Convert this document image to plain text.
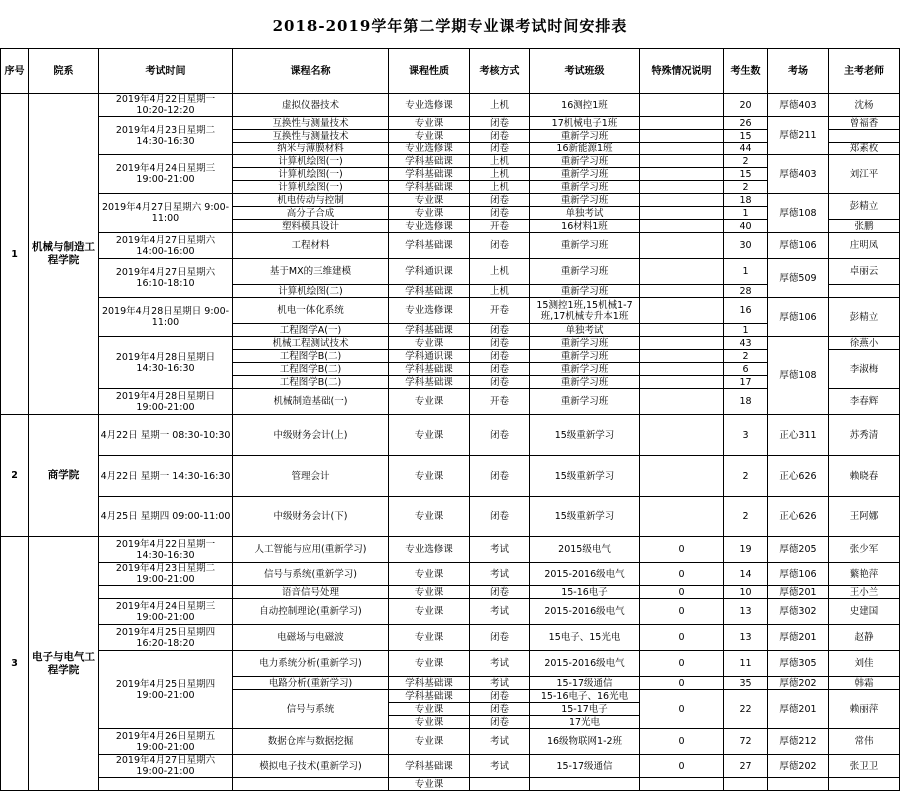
2018-2019学年第二学期专业课考试时间安排表
序号	院系	考试时间	课程名称	课程性质	考核方式	考试班级	特殊情况说明	考生数	考场	主考老师
1	机械与制造工程学院	2019年4月22日星期一 10:20-12:20	虚拟仪器技术	专业选修课	上机	16测控1班		20	厚德403	沈杨
		2019年4月23日星期二 14:30-16:30	互换性与测量技术	专业课	闭卷	17机械电子1班		26	厚德211	曾福香
			互换性与测量技术	专业课	闭卷	重新学习班		15		
			纳米与薄膜材料	专业选修课	闭卷	16新能源1班		44		郑素枚
		2019年4月24日星期三 19:00-21:00	计算机绘图(一)	学科基础课	上机	重新学习班		2	厚德403	刘江平
			计算机绘图(一)	学科基础课	上机	重新学习班		15		
			计算机绘图(一)	学科基础课	上机	重新学习班		2		
		2019年4月27日星期六 9:00-11:00	机电传动与控制	专业课	闭卷	重新学习班		18	厚德108	彭精立
			高分子合成	专业课	闭卷	单独考试		1		
			塑料模具设计	专业选修课	开卷	16材料1班		40		张鹏
		2019年4月27日星期六 14:00-16:00	工程材料	学科基础课	闭卷	重新学习班		30	厚德106	庄明凤
		2019年4月27日星期六 16:10-18:10	基于MX的三维建模	学科通识课	上机	重新学习班		1	厚德509	卓丽云
			计算机绘图(二)	学科基础课	上机	重新学习班		28		
		2019年4月28日星期日 9:00-11:00	机电一体化系统	专业选修课	开卷	15测控1班,15机械1-7班,17机械专升本1班		16	厚德106	彭精立
			工程图学A(一)	学科基础课	闭卷	单独考试		1		
		2019年4月28日星期日 14:30-16:30	机械工程测试技术	专业课	闭卷	重新学习班		43	厚德108	徐燕小
			工程图学B(二)	学科通识课	闭卷	重新学习班		2		李淑梅
			工程图学B(二)	学科基础课	闭卷	重新学习班		6		
			工程图学B(二)	学科基础课	闭卷	重新学习班		17		
		2019年4月28日星期日 19:00-21:00	机械制造基础(一)	专业课	开卷	重新学习班		18		李春辉
2	商学院	4月22日 星期一 08:30-10:30	中级财务会计(上)	专业课	闭卷	15级重新学习		3	正心311	苏秀清
		4月22日 星期一 14:30-16:30	管理会计	专业课	闭卷	15级重新学习		2	正心626	赖晓春
		4月25日 星期四 09:00-11:00	中级财务会计(下)	专业课	闭卷	15级重新学习		2	正心626	王阿娜
3	电子与电气工程学院	2019年4月22日星期一 14:30-16:30	人工智能与应用(重新学习)	专业选修课	考试	2015级电气	0	19	厚德205	张少军
		2019年4月23日星期二 19:00-21:00	信号与系统(重新学习)	专业课	考试	2015-2016级电气	0	14	厚德106	蘩艳萍
			语音信号处理	专业课	闭卷	15-16电子	0	10	厚德201	王小兰
		2019年4月24日星期三 19:00-21:00	自动控制理论(重新学习)	专业课	考试	2015-2016级电气	0	13	厚德302	史建国
		2019年4月25日星期四 16:20-18:20	电磁场与电磁波	专业课	闭卷	15电子、15光电	0	13	厚德201	赵静
		2019年4月25日星期四 19:00-21:00	电力系统分析(重新学习)	专业课	考试	2015-2016级电气	0	11	厚德305	刘佳
			电路分析(重新学习)	学科基础课	考试	15-17级通信	0	35	厚德202	韩霜
			信号与系统	学科基础课	闭卷	15-16电子、16光电	0	22	厚德201	赖丽萍
				专业课	闭卷	15-17电子				
				专业课	闭卷	17光电				
		2019年4月26日星期五 19:00-21:00	数据仓库与数据挖掘	专业课	考试	16级物联网1-2班	0	72	厚德212	常伟
		2019年4月27日星期六 19:00-21:00	模拟电子技术(重新学习)	学科基础课	考试	15-17级通信	0	27	厚德202	张卫卫
				专业课						
